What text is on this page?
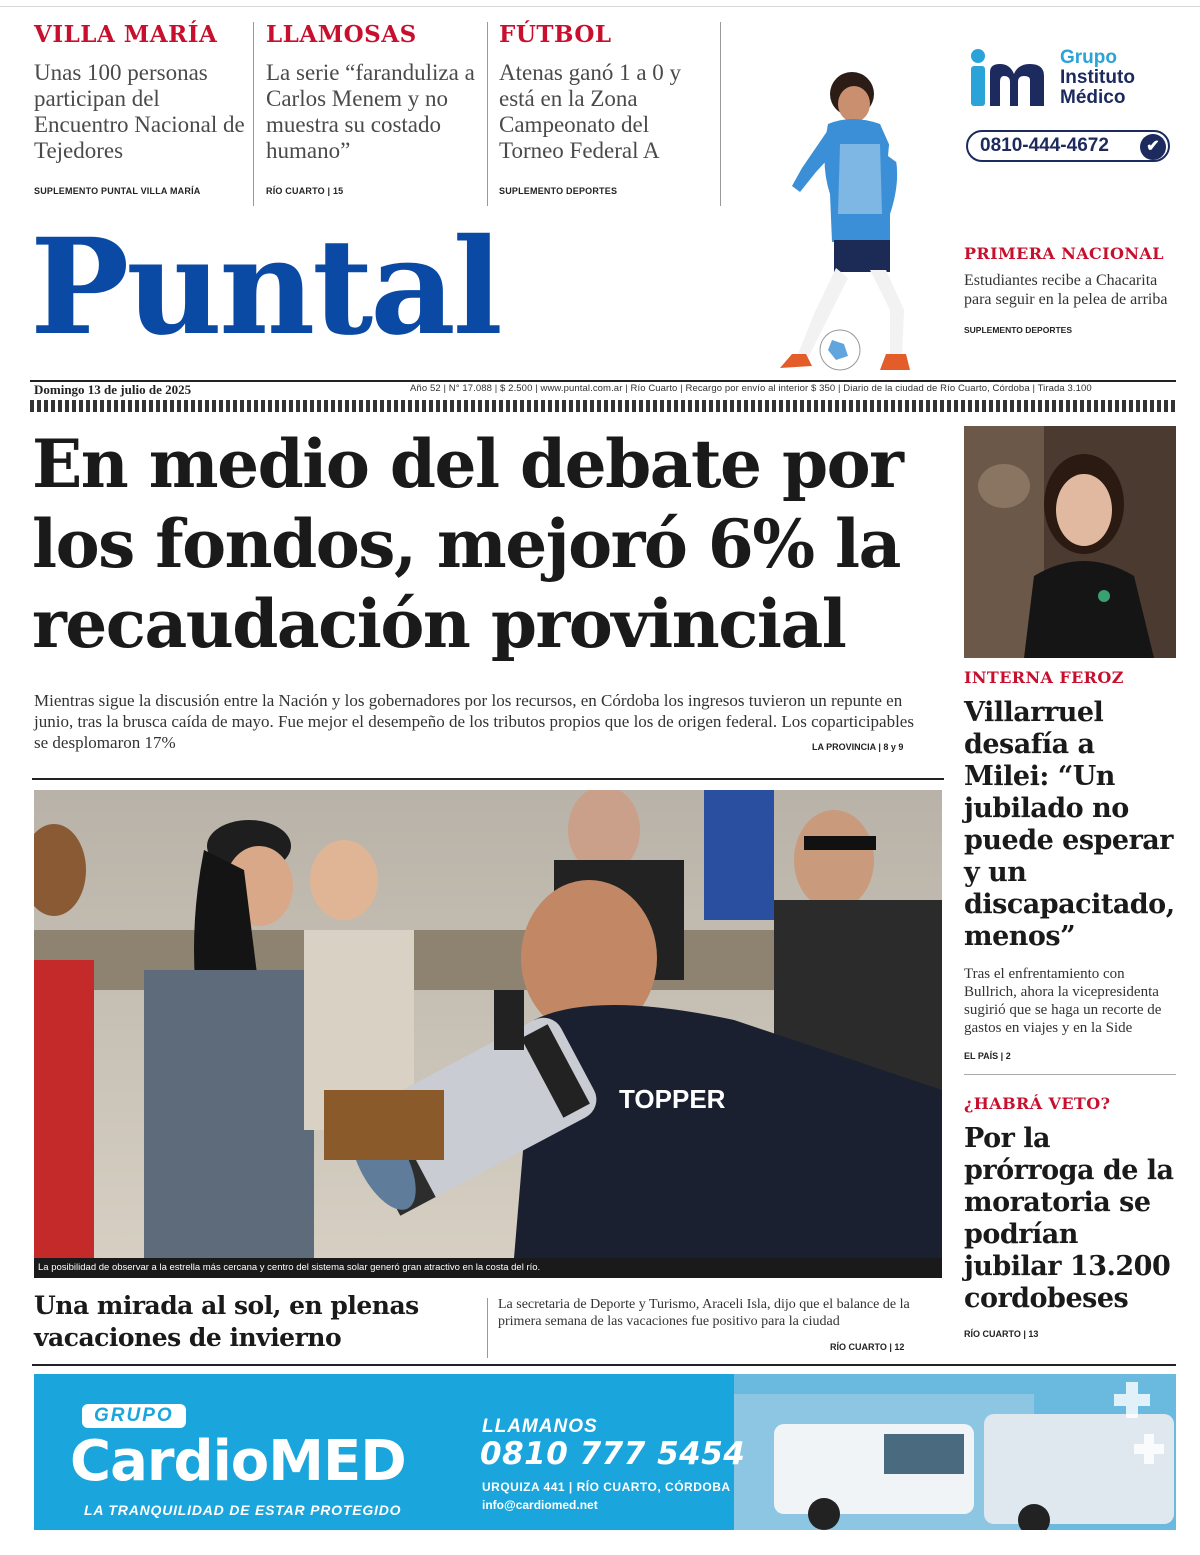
VILLA MARÍA
Unas 100 personas participan del Encuentro Nacional de Tejedores
SUPLEMENTO PUNTAL VILLA MARÍA
LLAMOSAS
La serie “faranduliza a Carlos Menem y no muestra su costado humano”
RÍO CUARTO | 15
FÚTBOL
Atenas ganó 1 a 0 y está en la Zona Campeonato del Torneo Federal A
SUPLEMENTO DEPORTES
Puntal
Grupo
Instituto
Médico
0810-444-4672	✔
PRIMERA NACIONAL
Estudiantes recibe a Chacarita para seguir en la pelea de arriba
SUPLEMENTO DEPORTES
Domingo 13 de julio de 2025	Año 52 | N° 17.088 | $ 2.500 | www.puntal.com.ar | Río Cuarto | Recargo por envío al interior $ 350 | Diario de la ciudad de Río Cuarto, Córdoba | Tirada 3.100
En medio del debate por los fondos, mejoró 6% la recaudación provincial
Mientras sigue la discusión entre la Nación y los gobernadores por los recursos, en Córdoba los ingresos tuvieron un repunte en junio, tras la brusca caída de mayo. Fue mejor el desempeño de los tributos propios que los de origen federal. Los coparticipables se desplomaron 17%	LA PROVINCIA | 8 y 9
TOPPER
La posibilidad de observar a la estrella más cercana y centro del sistema solar generó gran atractivo en la costa del río.
Una mirada al sol, en plenas vacaciones de invierno
La secretaria de Deporte y Turismo, Araceli Isla, dijo que el balance de la primera semana de las vacaciones fue positivo para la ciudad
RÍO CUARTO | 12
INTERNA FEROZ
Villarruel desafía a Milei: “Un jubilado no puede esperar y un discapacitado, menos”
Tras el enfrentamiento con Bullrich, ahora la vicepresidenta sugirió que se haga un recorte de gastos en viajes y en la Side
EL PAÍS | 2
¿HABRÁ VETO?
Por la prórroga de la moratoria se podrían jubilar 13.200 cordobeses
RÍO CUARTO | 13
GRUPO
CardioMED
LA TRANQUILIDAD DE ESTAR PROTEGIDO
LLAMANOS
0810 777 5454
URQUIZA 441 | RÍO CUARTO, CÓRDOBA
info@cardiomed.net
